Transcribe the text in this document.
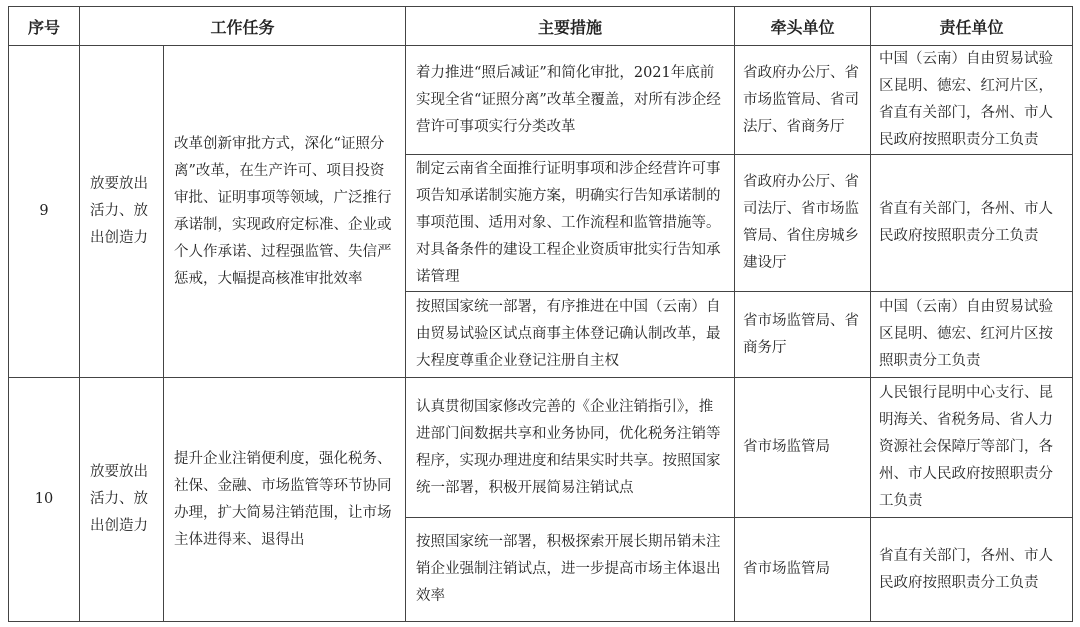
序号	工作任务		主要措施	牵头单位	责任单位
9	放要放出活力、放出创造力	改革创新审批方式，深化“证照分离”改革，在生产许可、项目投资审批、证明事项等领域，广泛推行承诺制，实现政府定标准、企业或个人作承诺、过程强监管、失信严惩戒，大幅提高核准审批效率	着力推进“照后减证”和简化审批，2021年底前实现全省“证照分离”改革全覆盖，对所有涉企经营许可事项实行分类改革	省政府办公厅、省市场监管局、省司法厅、省商务厅	中国（云南）自由贸易试验区昆明、德宏、红河片区，省直有关部门，各州、市人民政府按照职责分工负责
			制定云南省全面推行证明事项和涉企经营许可事项告知承诺制实施方案，明确实行告知承诺制的事项范围、适用对象、工作流程和监管措施等。对具备条件的建设工程企业资质审批实行告知承诺管理	省政府办公厅、省司法厅、省市场监管局、省住房城乡建设厅	省直有关部门，各州、市人民政府按照职责分工负责
			按照国家统一部署，有序推进在中国（云南）自由贸易试验区试点商事主体登记确认制改革，最大程度尊重企业登记注册自主权	省市场监管局、省商务厅	中国（云南）自由贸易试验区昆明、德宏、红河片区按照职责分工负责
10	放要放出活力、放出创造力	提升企业注销便利度，强化税务、社保、金融、市场监管等环节协同办理，扩大简易注销范围，让市场主体进得来、退得出	认真贯彻国家修改完善的《企业注销指引》，推进部门间数据共享和业务协同，优化税务注销等程序，实现办理进度和结果实时共享。按照国家统一部署，积极开展简易注销试点	省市场监管局	人民银行昆明中心支行、昆明海关、省税务局、省人力资源社会保障厅等部门，各州、市人民政府按照职责分工负责
			按照国家统一部署，积极探索开展长期吊销未注销企业强制注销试点，进一步提高市场主体退出效率	省市场监管局	省直有关部门，各州、市人民政府按照职责分工负责
